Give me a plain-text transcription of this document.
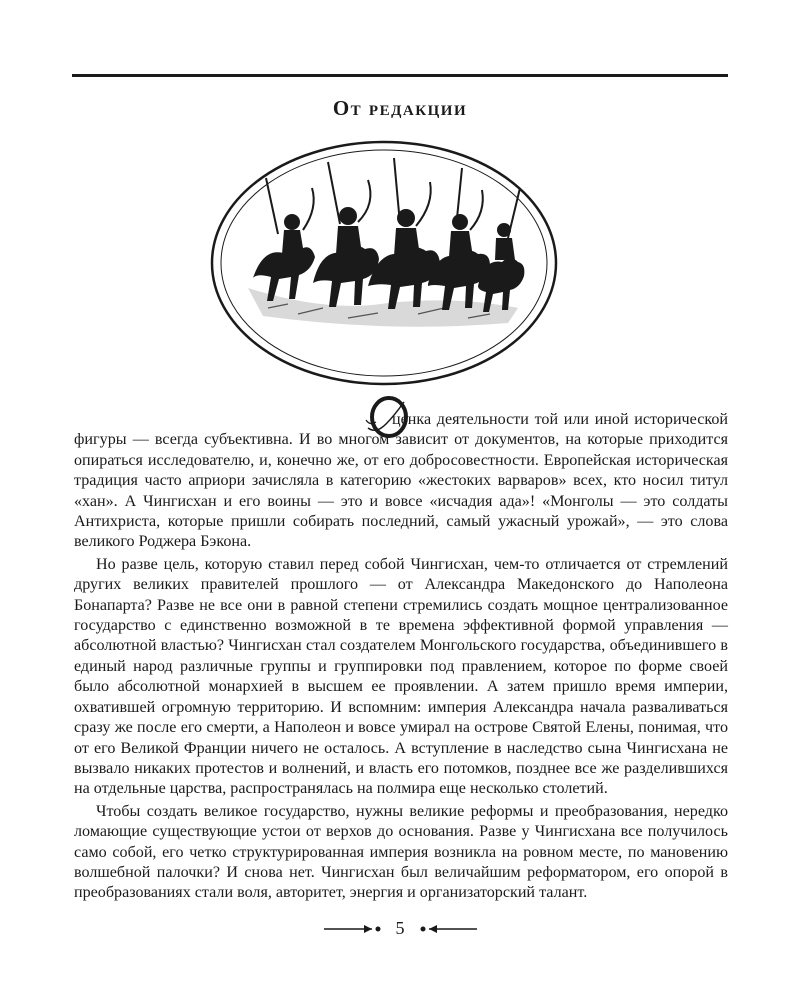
От редакции

ценка деятельности той или иной исторической фигуры — всегда субъективна. И во многом зависит от документов, на которые приходится опираться исследователю, и, конечно же, от его добросовестности. Европейская историческая традиция часто априори зачисляла в категорию «жестоких варваров» всех, кто носил титул «хан». А Чингисхан и его воины — это и вовсе «исчадия ада»! «Монголы — это солдаты Антихриста, которые пришли собирать последний, самый ужасный урожай», — это слова великого Роджера Бэкона.

Но разве цель, которую ставил перед собой Чингисхан, чем-то отличается от стремлений других великих правителей прошлого — от Александра Македонского до Наполеона Бонапарта? Разве не все они в равной степени стремились создать мощное централизованное государство с единственно возможной в те времена эффективной формой управления — абсолютной властью? Чингисхан стал создателем Монгольского государства, объединившего в единый народ различные группы и группировки под правлением, которое по форме своей было абсолютной монархией в высшем ее проявлении. А затем пришло время империи, охватившей огромную территорию. И вспомним: империя Александра начала разваливаться сразу же после его смерти, а Наполеон и вовсе умирал на острове Святой Елены, понимая, что от его Великой Франции ничего не осталось. А вступление в наследство сына Чингисхана не вызвало никаких протестов и волнений, и власть его потомков, позднее все же разделившихся на отдельные царства, распространялась на полмира еще несколько столетий.

Чтобы создать великое государство, нужны великие реформы и преобразования, нередко ломающие существующие устои от верхов до основания. Разве у Чингисхана все получилось само собой, его четко структурированная империя возникла на ровном месте, по мановению волшебной палочки? И снова нет. Чингисхан был величайшим реформатором, его опорой в преобразованиях стали воля, авторитет, энергия и организаторский талант.

5
